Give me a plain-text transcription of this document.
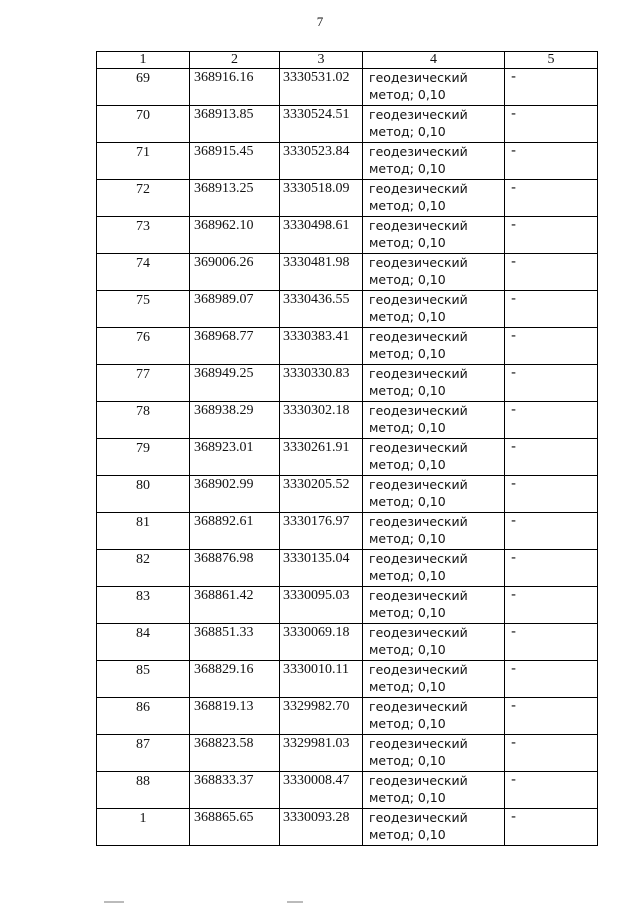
7
1	2	3	4	5
69	368916.16	3330531.02	геодезический
метод; 0,10	-
70	368913.85	3330524.51	геодезический
метод; 0,10	-
71	368915.45	3330523.84	геодезический
метод; 0,10	-
72	368913.25	3330518.09	геодезический
метод; 0,10	-
73	368962.10	3330498.61	геодезический
метод; 0,10	-
74	369006.26	3330481.98	геодезический
метод; 0,10	-
75	368989.07	3330436.55	геодезический
метод; 0,10	-
76	368968.77	3330383.41	геодезический
метод; 0,10	-
77	368949.25	3330330.83	геодезический
метод; 0,10	-
78	368938.29	3330302.18	геодезический
метод; 0,10	-
79	368923.01	3330261.91	геодезический
метод; 0,10	-
80	368902.99	3330205.52	геодезический
метод; 0,10	-
81	368892.61	3330176.97	геодезический
метод; 0,10	-
82	368876.98	3330135.04	геодезический
метод; 0,10	-
83	368861.42	3330095.03	геодезический
метод; 0,10	-
84	368851.33	3330069.18	геодезический
метод; 0,10	-
85	368829.16	3330010.11	геодезический
метод; 0,10	-
86	368819.13	3329982.70	геодезический
метод; 0,10	-
87	368823.58	3329981.03	геодезический
метод; 0,10	-
88	368833.37	3330008.47	геодезический
метод; 0,10	-
1	368865.65	3330093.28	геодезический
метод; 0,10	-
